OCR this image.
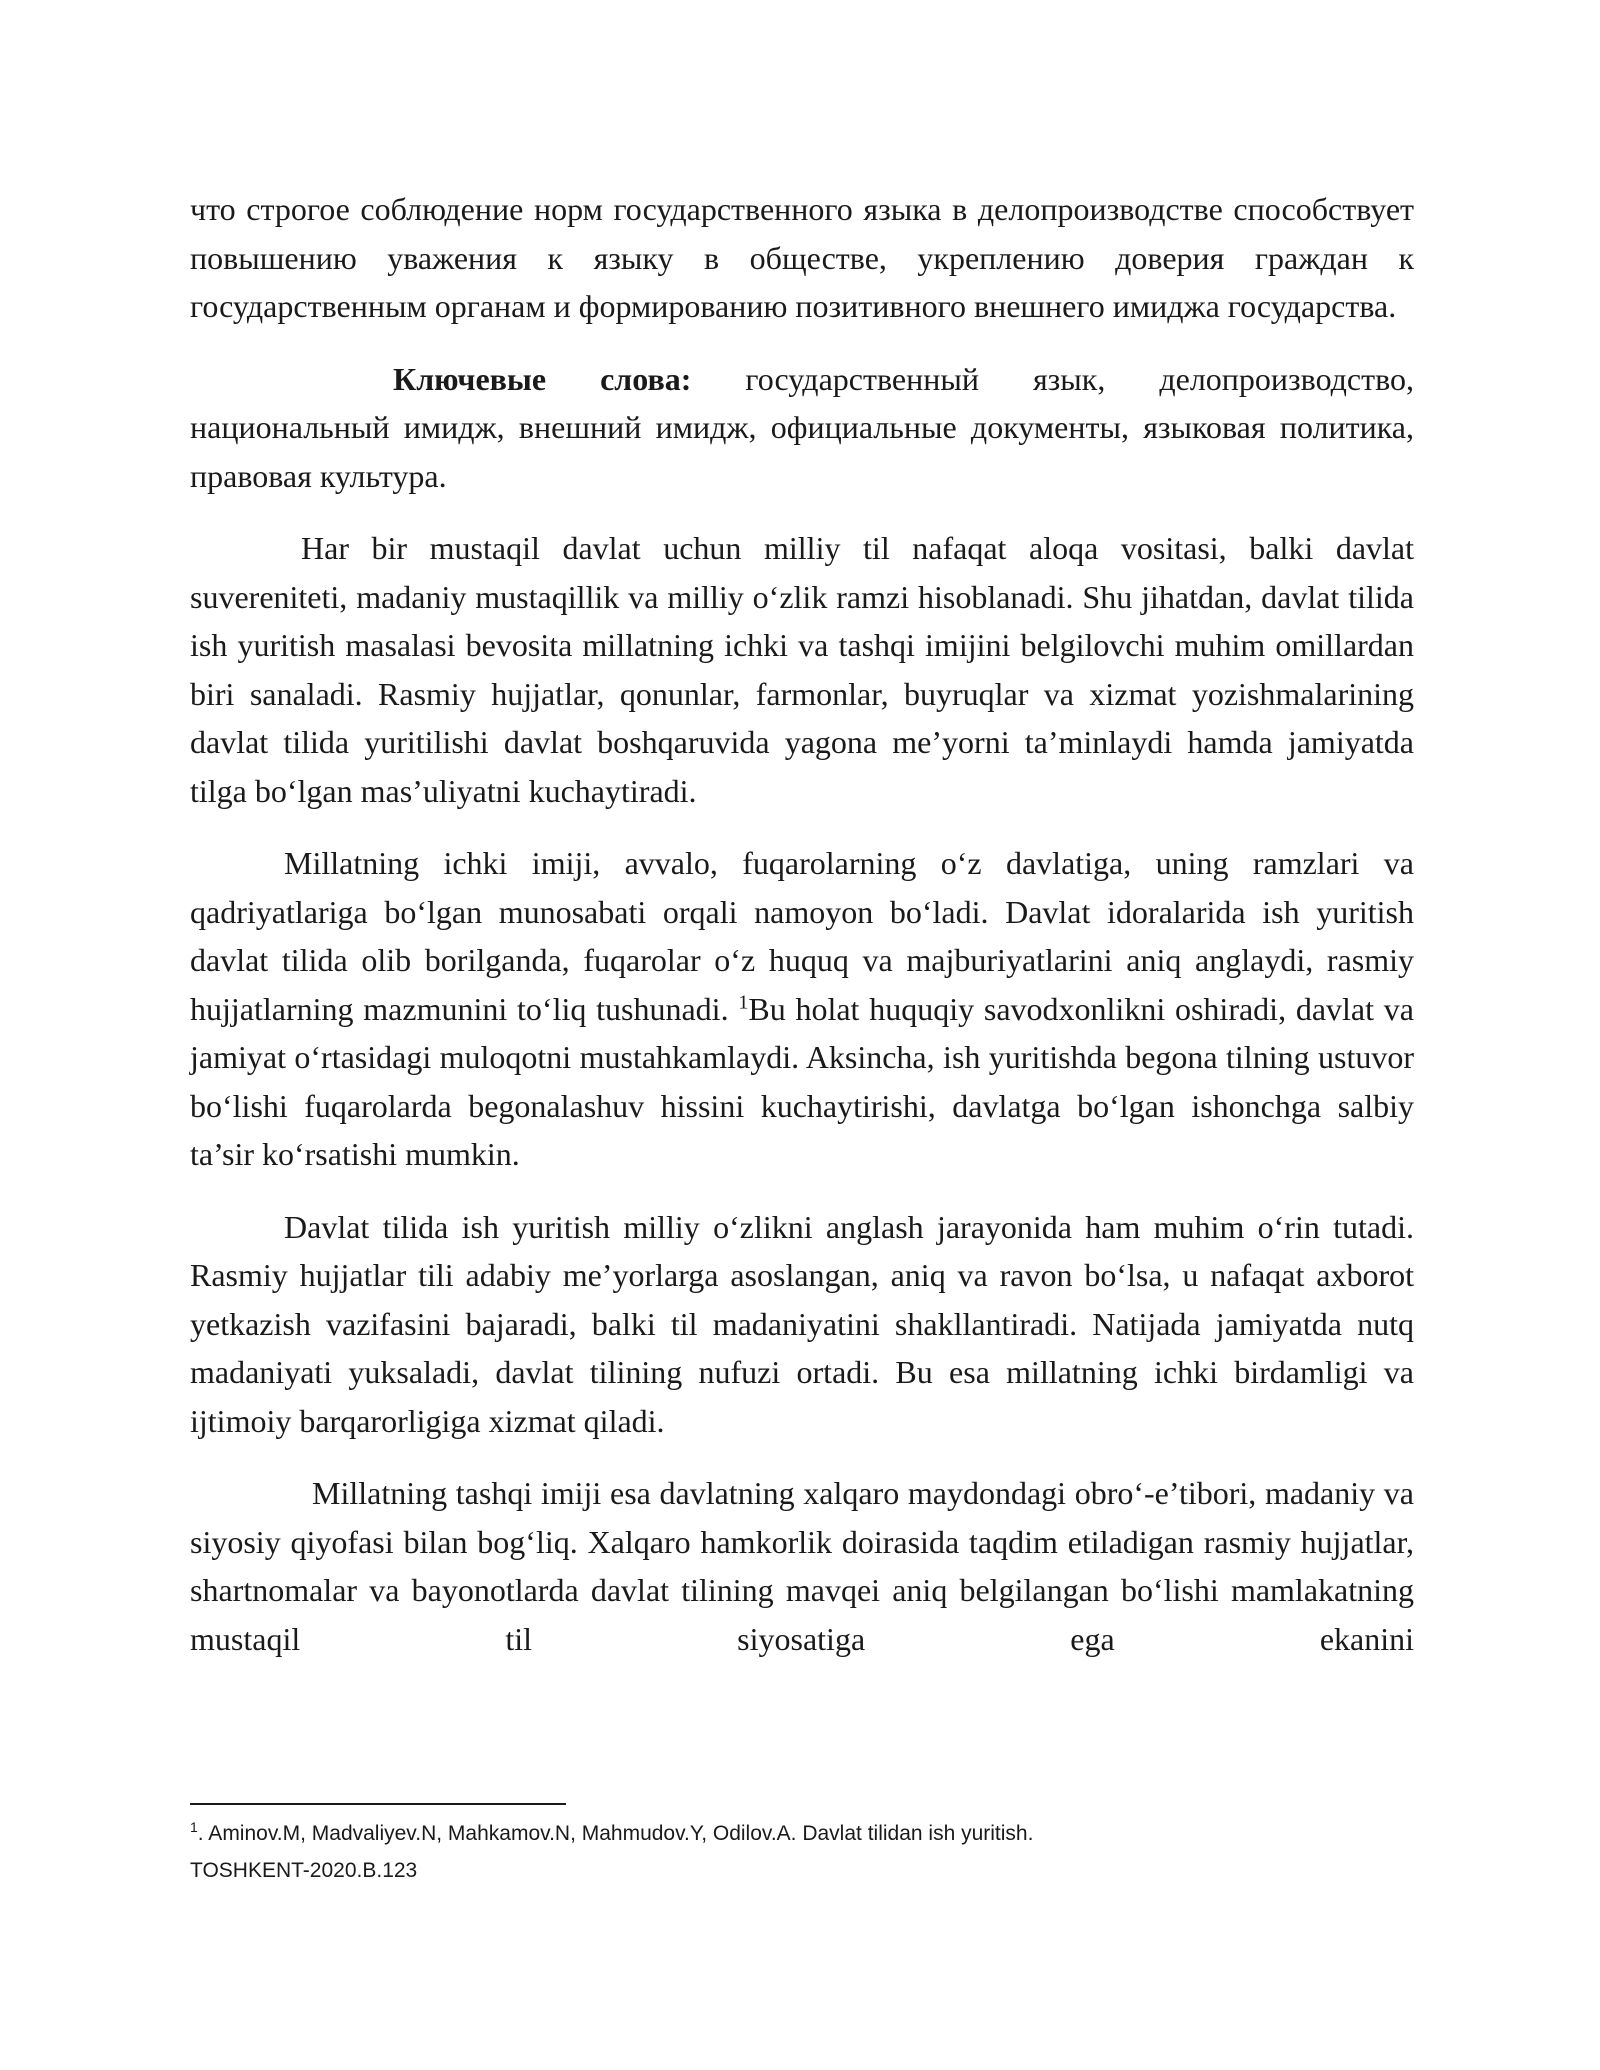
что строгое соблюдение норм государственного языка в делопроизводстве способствует повышению уважения к языку в обществе, укреплению доверия граждан к государственным органам и формированию позитивного внешнего имиджа государства.

Ключевые слова: государственный язык, делопроизводство, национальный имидж, внешний имидж, официальные документы, языковая политика, правовая культура.

Har bir mustaqil davlat uchun milliy til nafaqat aloqa vositasi, balki davlat suvereniteti, madaniy mustaqillik va milliy oʻzlik ramzi hisoblanadi. Shu jihatdan, davlat tilida ish yuritish masalasi bevosita millatning ichki va tashqi imijini belgilovchi muhim omillardan biri sanaladi. Rasmiy hujjatlar, qonunlar, farmonlar, buyruqlar va xizmat yozishmalarining davlat tilida yuritilishi davlat boshqaruvida yagona me’yorni ta’minlaydi hamda jamiyatda tilga boʻlgan mas’uliyatni kuchaytiradi.

Millatning ichki imiji, avvalo, fuqarolarning oʻz davlatiga, uning ramzlari va qadriyatlariga boʻlgan munosabati orqali namoyon boʻladi. Davlat idoralarida ish yuritish davlat tilida olib borilganda, fuqarolar oʻz huquq va majburiyatlarini aniq anglaydi, rasmiy hujjatlarning mazmunini toʻliq tushunadi. $^1$Bu holat huquqiy savodxonlikni oshiradi, davlat va jamiyat oʻrtasidagi muloqotni mustahkamlaydi. Aksincha, ish yuritishda begona tilning ustuvor boʻlishi fuqarolarda begonalashuv hissini kuchaytirishi, davlatga boʻlgan ishonchga salbiy ta’sir koʻrsatishi mumkin.

Davlat tilida ish yuritish milliy oʻzlikni anglash jarayonida ham muhim oʻrin tutadi. Rasmiy hujjatlar tili adabiy me’yorlarga asoslangan, aniq va ravon boʻlsa, u nafaqat axborot yetkazish vazifasini bajaradi, balki til madaniyatini shakllantiradi. Natijada jamiyatda nutq madaniyati yuksaladi, davlat tilining nufuzi ortadi. Bu esa millatning ichki birdamligi va ijtimoiy barqarorligiga xizmat qiladi.

Millatning tashqi imiji esa davlatning xalqaro maydondagi obroʻ-e’tibori, madaniy va siyosiy qiyofasi bilan bogʻliq. Xalqaro hamkorlik doirasida taqdim etiladigan rasmiy hujjatlar, shartnomalar va bayonotlarda davlat tilining mavqei aniq belgilangan boʻlishi mamlakatning mustaqil til siyosatiga ega ekanini

$^1$. Aminov.M, Madvaliyev.N, Mahkamov.N, Mahmudov.Y, Odilov.A. Davlat tilidan ish yuritish.
TOSHKENT-2020.B.123
